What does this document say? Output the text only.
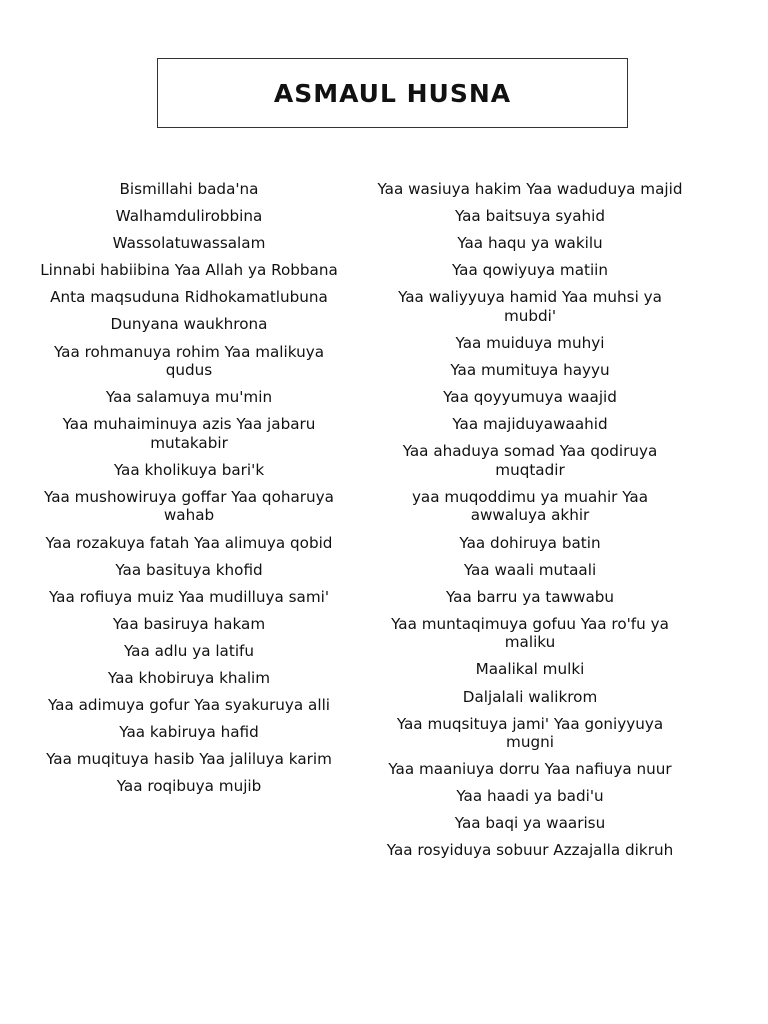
ASMAUL HUSNA
Bismillahi bada'na
Walhamdulirobbina
Wassolatuwassalam
Linnabi habiibina Yaa Allah ya Robbana
Anta maqsuduna Ridhokamatlubuna
Dunyana waukhrona
Yaa rohmanuya rohim Yaa malikuya qudus
Yaa salamuya mu'min
Yaa muhaiminuya azis Yaa jabaru mutakabir
Yaa kholikuya bari'k
Yaa mushowiruya goffar Yaa qoharuya wahab
Yaa rozakuya fatah Yaa alimuya qobid
Yaa basituya khofid
Yaa rofiuya muiz Yaa mudilluya sami'
Yaa basiruya hakam
Yaa adlu ya latifu
Yaa khobiruya khalim
Yaa adimuya gofur Yaa syakuruya alli
Yaa kabiruya hafid
Yaa muqituya hasib Yaa jaliluya karim
Yaa roqibuya mujib
Yaa wasiuya hakim Yaa waduduya majid
Yaa baitsuya syahid
Yaa haqu ya wakilu
Yaa qowiyuya matiin
Yaa waliyyuya hamid Yaa muhsi ya mubdi'
Yaa muiduya muhyi
Yaa mumituya hayyu
Yaa qoyyumuya waajid
Yaa majiduyawaahid
Yaa ahaduya somad Yaa qodiruya muqtadir
yaa muqoddimu ya muahir Yaa awwaluya akhir
Yaa dohiruya batin
Yaa waali mutaali
Yaa barru ya tawwabu
Yaa muntaqimuya gofuu Yaa ro'fu ya maliku
Maalikal mulki
Daljalali walikrom
Yaa muqsituya jami' Yaa goniyyuya mugni
Yaa maaniuya dorru Yaa nafiuya nuur
Yaa haadi ya badi'u
Yaa baqi ya waarisu
Yaa rosyiduya sobuur Azzajalla dikruh
